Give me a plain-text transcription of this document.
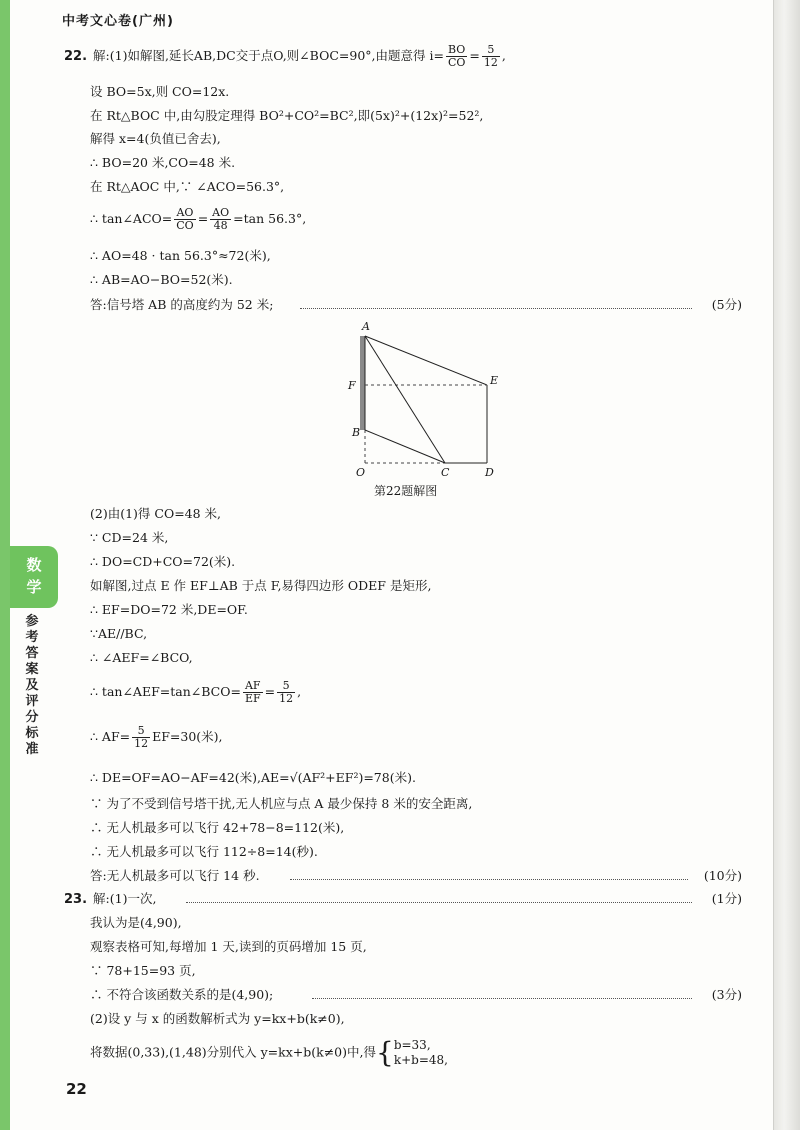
中考文心卷(广州)
数
学
参
考
答
案
及
评
分
标
准
22. 解:(1)如解图,延长AB,DC交于点O,则∠BOC=90°,由题意得 $i= \frac{BO}{CO} = \frac{5}{12}$ ,
设 BO=5x,则 CO=12x.
在 Rt△BOC 中,由勾股定理得 BO²+CO²=BC²,即(5x)²+(12x)²=52²,
解得 x=4(负值已舍去),
∴ BO=20 米,CO=48 米.
在 Rt△AOC 中,∵ ∠ACO=56.3°,
∴ tan∠ACO= $\frac{AO}{CO} = \frac{AO}{48} =\tan$ 56.3°,
∴ AO=48 · tan 56.3°≈72(米),
∴ AB=AO−BO=52(米).
答:信号塔 AB 的高度约为 52 米;	(5分)
A
E
F
B
O	C	D
第22题解图
(2)由(1)得 CO=48 米,
∵ CD=24 米,
∴ DO=CD+CO=72(米).
如解图,过点 E 作 EF⊥AB 于点 F,易得四边形 ODEF 是矩形,
∴ EF=DO=72 米,DE=OF.
∵AE//BC,
∴ ∠AEF=∠BCO,
∴ tan∠AEF=tan∠BCO= $\frac{AF}{EF} = \frac{5}{12}$ ,
∴ $AF= \frac{5}{12} EF=30$(米),
∴ DE=OF=AO−AF=42(米),AE=√(AF²+EF²)=78(米).
∵ 为了不受到信号塔干扰,无人机应与点 A 最少保持 8 米的安全距离,
∴ 无人机最多可以飞行 42+78−8=112(米),
∴ 无人机最多可以飞行 112÷8=14(秒).
答:无人机最多可以飞行 14 秒.	(10分)
23. 解:(1)一次,	(1分)
我认为是(4,90),
观察表格可知,每增加 1 天,读到的页码增加 15 页,
∵ 78+15=93 页,
∴ 不符合该函数关系的是(4,90);	(3分)
(2)设 y 与 x 的函数解析式为 y=kx+b(k≠0),
将数据(0,33),(1,48)分别代入 y=kx+b(k≠0)中,得{ b=33,
k+b=48,
22
